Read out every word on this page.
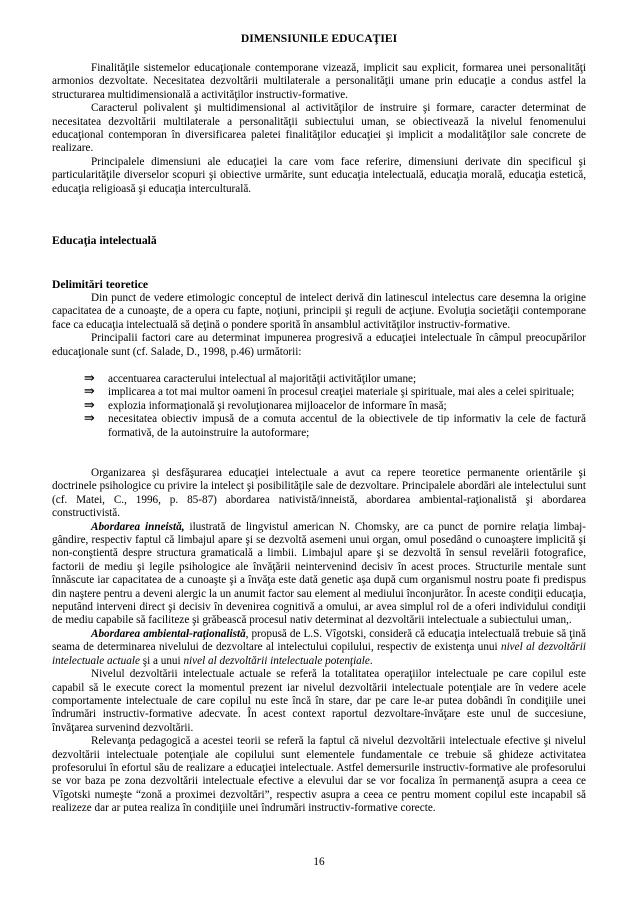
DIMENSIUNILE EDUCAŢIEI

Finalităţile sistemelor educaţionale contemporane vizează, implicit sau explicit, formarea unei personalităţi armonios dezvoltate. Necesitatea dezvoltării multilaterale a personalităţii umane prin educaţie a condus astfel la structurarea multidimensională a activităţilor instructiv-formative.
Caracterul polivalent şi multidimensional al activităţilor de instruire şi formare, caracter determinat de necesitatea dezvoltării multilaterale a personalităţii subiectului uman, se obiectivează la nivelul fenomenului educaţional contemporan în diversificarea paletei finalităţilor educaţiei şi implicit a modalităţilor sale concrete de realizare.
Principalele dimensiuni ale educaţiei la care vom face referire, dimensiuni derivate din specificul şi particularităţile diverselor scopuri şi obiective urmărite, sunt educaţia intelectuală, educaţia morală, educaţia estetică, educaţia religioasă şi educaţia interculturală.

Educaţia intelectuală
Delimitări teoretice

Din punct de vedere etimologic conceptul de intelect derivă din latinescul intelectus care desemna la origine capacitatea de a cunoaşte, de a opera cu fapte, noţiuni, principii şi reguli de acţiune. Evoluţia societăţii contemporane face ca educaţia intelectuală să deţină o pondere sporită în ansamblul activităţilor instructiv-formative.
Principalii factori care au determinat impunerea progresivă a educaţiei intelectuale în câmpul preocupărilor educaţionale sunt (cf. Salade, D., 1998, p.46) următorii:

⇛ accentuarea caracterului intelectual al majorităţii activităţilor umane;
⇛ implicarea a tot mai multor oameni în procesul creaţiei materiale şi spirituale, mai ales a celei spirituale;
⇛ explozia informaţională şi revoluţionarea mijloacelor de informare în masă;
⇛ necesitatea obiectiv impusă de a comuta accentul de la obiectivele de tip informativ la cele de factură formativă, de la autoinstruire la autoformare;

Organizarea şi desfăşurarea educaţiei intelectuale a avut ca repere teoretice permanente orientările şi doctrinele psihologice cu privire la intelect şi posibilităţile sale de dezvoltare. Principalele abordări ale intelectului sunt (cf. Matei, C., 1996, p. 85-87) abordarea nativistă/inneistă, abordarea ambiental-raţionalistă şi abordarea constructivistă.
Abordarea inneistă, ilustrată de lingvistul american N. Chomsky, are ca punct de pornire relaţia limbaj-gândire, respectiv faptul că limbajul apare şi se dezvoltă asemeni unui organ, omul posedând o cunoaştere implicită şi non-conştientă despre structura gramaticală a limbii. Limbajul apare şi se dezvoltă în sensul revelării fotografice, factorii de mediu şi legile psihologice ale învăţării neintervenind decisiv în acest proces. Structurile mentale sunt înnăscute iar capacitatea de a cunoaşte şi a învăţa este dată genetic aşa după cum organismul nostru poate fi predispus din naştere pentru a deveni alergic la un anumit factor sau element al mediului înconjurător. În aceste condiţii educaţia, neputând interveni direct şi decisiv în devenirea cognitivă a omului, ar avea simplul rol de a oferi individului condiţii de mediu capabile să faciliteze şi grăbească procesul nativ determinat al dezvoltării intelectuale a subiectului uman,.
Abordarea ambiental-raţionalistă, propusă de L.S. Vîgotski, consideră că educaţia intelectuală trebuie să ţină seama de determinarea nivelului de dezvoltare al intelectului copilului, respectiv de existenţa unui nivel al dezvoltării intelectuale actuale şi a unui nivel al dezvoltării intelectuale potenţiale.
Nivelul dezvoltării intelectuale actuale se referă la totalitatea operaţiilor intelectuale pe care copilul este capabil să le execute corect la momentul prezent iar nivelul dezvoltării intelectuale potenţiale are în vedere acele comportamente intelectuale de care copilul nu este încă în stare, dar pe care le-ar putea dobândi în condiţiile unei îndrumări instructiv-formative adecvate. În acest context raportul dezvoltare-învăţare este unul de succesiune, învăţarea survenind dezvoltării.
Relevanţa pedagogică a acestei teorii se referă la faptul că nivelul dezvoltării intelectuale efective şi nivelul dezvoltării intelectuale potenţiale ale copilului sunt elementele fundamentale ce trebuie să ghideze activitatea profesorului în efortul său de realizare a educaţiei intelectuale. Astfel demersurile instructiv-formative ale profesorului se vor baza pe zona dezvoltării intelectuale efective a elevului dar se vor focaliza în permanenţă asupra a ceea ce Vîgotski numeşte “zonă a proximei dezvoltări”, respectiv asupra a ceea ce pentru moment copilul este incapabil să realizeze dar ar putea realiza în condiţiile unei îndrumări instructiv-formative corecte.

16
